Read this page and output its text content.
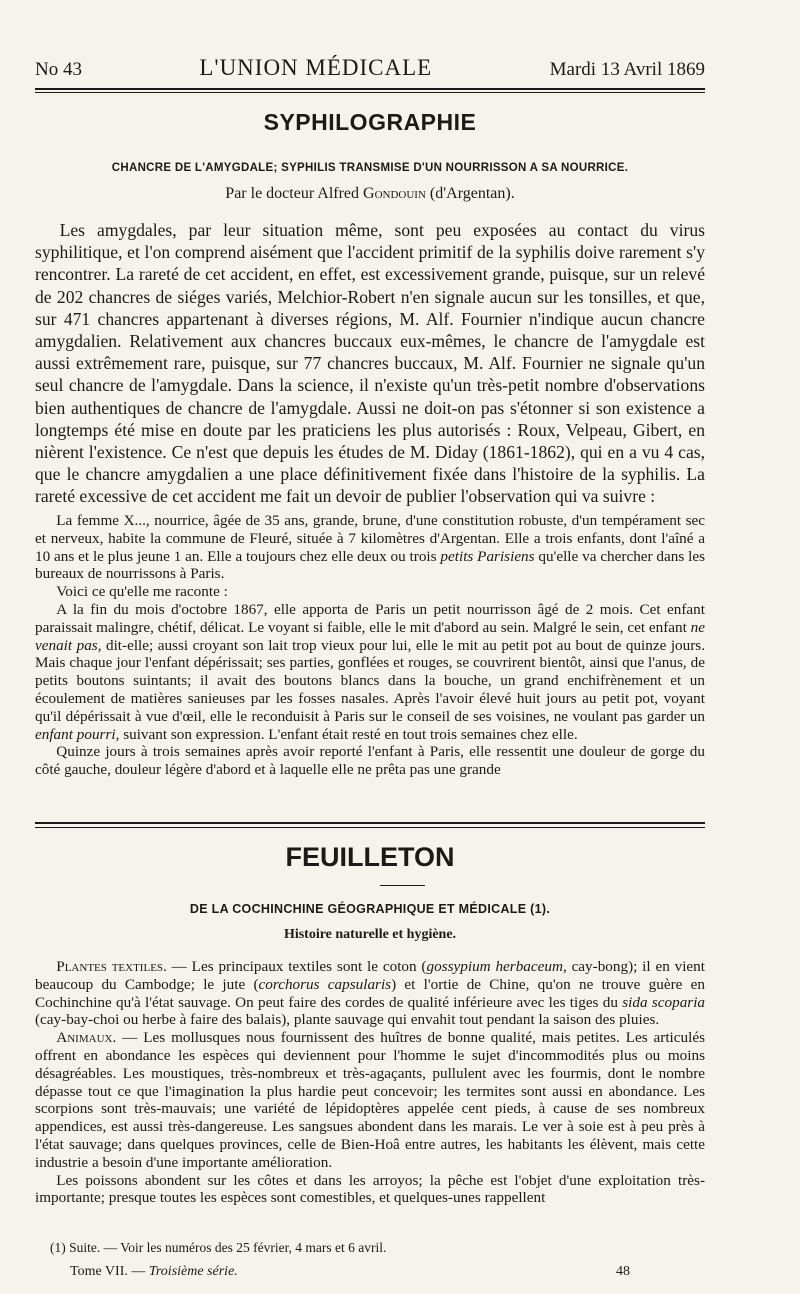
No 43	L'UNION MÉDICALE	Mardi 13 Avril 1869
SYPHILOGRAPHIE
CHANCRE DE L'AMYGDALE; SYPHILIS TRANSMISE D'UN NOURRISSON A SA NOURRICE.
Par le docteur Alfred Gondouin (d'Argentan).

Les amygdales, par leur situation même, sont peu exposées au contact du virus syphilitique, et l'on comprend aisément que l'accident primitif de la syphilis doive rarement s'y rencontrer. La rareté de cet accident, en effet, est excessivement grande, puisque, sur un relevé de 202 chancres de siéges variés, Melchior-Robert n'en signale aucun sur les tonsilles, et que, sur 471 chancres appartenant à diverses régions, M. Alf. Fournier n'indique aucun chancre amygdalien. Relativement aux chancres buccaux eux-mêmes, le chancre de l'amygdale est aussi extrêmement rare, puisque, sur 77 chancres buccaux, M. Alf. Fournier ne signale qu'un seul chancre de l'amygdale. Dans la science, il n'existe qu'un très-petit nombre d'observations bien authentiques de chancre de l'amygdale. Aussi ne doit-on pas s'étonner si son existence a longtemps été mise en doute par les praticiens les plus autorisés : Roux, Velpeau, Gibert, en nièrent l'existence. Ce n'est que depuis les études de M. Diday (1861-1862), qui en a vu 4 cas, que le chancre amygdalien a une place définitivement fixée dans l'histoire de la syphilis. La rareté excessive de cet accident me fait un devoir de publier l'observation qui va suivre :

La femme X..., nourrice, âgée de 35 ans, grande, brune, d'une constitution robuste, d'un tempérament sec et nerveux, habite la commune de Fleuré, située à 7 kilomètres d'Argentan. Elle a trois enfants, dont l'aîné a 10 ans et le plus jeune 1 an. Elle a toujours chez elle deux ou trois petits Parisiens qu'elle va chercher dans les bureaux de nourrissons à Paris.

Voici ce qu'elle me raconte :

A la fin du mois d'octobre 1867, elle apporta de Paris un petit nourrisson âgé de 2 mois. Cet enfant paraissait malingre, chétif, délicat. Le voyant si faible, elle le mit d'abord au sein. Malgré le sein, cet enfant ne venait pas, dit-elle; aussi croyant son lait trop vieux pour lui, elle le mit au petit pot au bout de quinze jours. Mais chaque jour l'enfant dépérissait; ses parties, gonflées et rouges, se couvrirent bientôt, ainsi que l'anus, de petits boutons suintants; il avait des boutons blancs dans la bouche, un grand enchifrènement et un écoulement de matières sanieuses par les fosses nasales. Après l'avoir élevé huit jours au petit pot, voyant qu'il dépérissait à vue d'œil, elle le reconduisit à Paris sur le conseil de ses voisines, ne voulant pas garder un enfant pourri, suivant son expression. L'enfant était resté en tout trois semaines chez elle.

Quinze jours à trois semaines après avoir reporté l'enfant à Paris, elle ressentit une douleur de gorge du côté gauche, douleur légère d'abord et à laquelle elle ne prêta pas une grande

FEUILLETON
DE LA COCHINCHINE GÉOGRAPHIQUE ET MÉDICALE (1).
Histoire naturelle et hygiène.

Plantes textiles. — Les principaux textiles sont le coton (gossypium herbaceum, cay-bong); il en vient beaucoup du Cambodge; le jute (corchorus capsularis) et l'ortie de Chine, qu'on ne trouve guère en Cochinchine qu'à l'état sauvage. On peut faire des cordes de qualité inférieure avec les tiges du sida scoparia (cay-bay-choi ou herbe à faire des balais), plante sauvage qui envahit tout pendant la saison des pluies.

Animaux. — Les mollusques nous fournissent des huîtres de bonne qualité, mais petites. Les articulés offrent en abondance les espèces qui deviennent pour l'homme le sujet d'incommodités plus ou moins désagréables. Les moustiques, très-nombreux et très-agaçants, pullulent avec les fourmis, dont le nombre dépasse tout ce que l'imagination la plus hardie peut concevoir; les termites sont aussi en abondance. Les scorpions sont très-mauvais; une variété de lépidoptères appelée cent pieds, à cause de ses nombreux appendices, est aussi très-dangereuse. Les sangsues abondent dans les marais. Le ver à soie est à peu près à l'état sauvage; dans quelques provinces, celle de Bien-Hoâ entre autres, les habitants les élèvent, mais cette industrie a besoin d'une importante amélioration.

Les poissons abondent sur les côtes et dans les arroyos; la pêche est l'objet d'une exploitation très-importante; presque toutes les espèces sont comestibles, et quelques-unes rappellent

(1) Suite. — Voir les numéros des 25 février, 4 mars et 6 avril.
Tome VII. — Troisième série.	48
